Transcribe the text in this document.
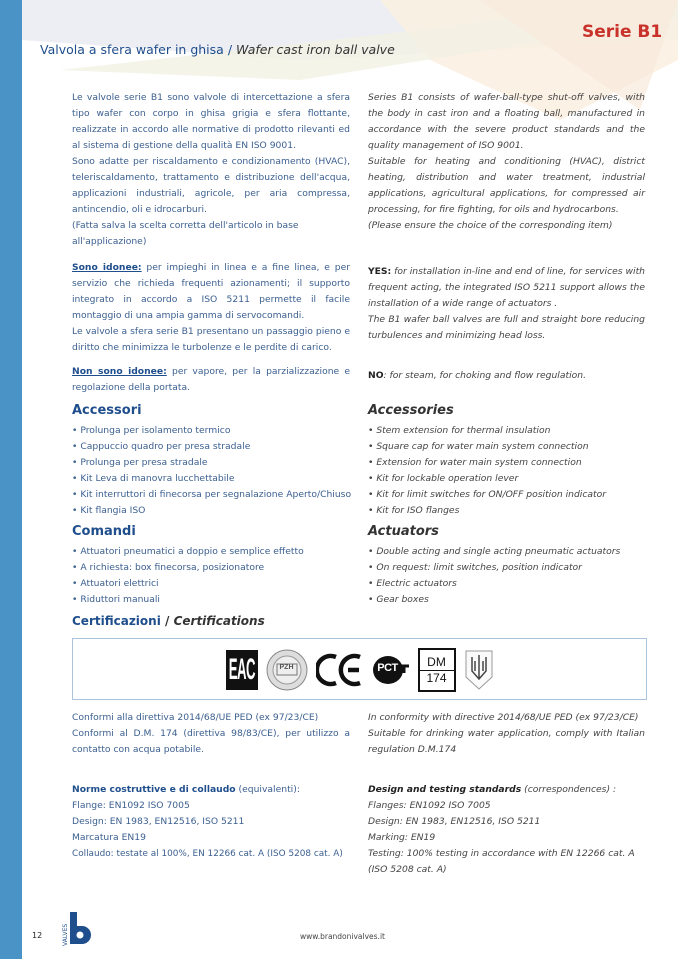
Serie B1
Valvola a sfera wafer in ghisa / Wafer cast iron ball valve
Le valvole serie B1 sono valvole di intercettazione a sfera tipo wafer con corpo in ghisa grigia e sfera flottante, realizzate in accordo alle normative di prodotto rilevanti ed al sistema di gestione della qualità EN ISO 9001.
Sono adatte per riscaldamento e condizionamento (HVAC), teleriscaldamento, trattamento e distribuzione dell'acqua, applicazioni industriali, agricole, per aria compressa, antincendio, oli e idrocarburi.
(Fatta salva la scelta corretta dell'articolo in base all'applicazione)
Series B1 consists of wafer-ball-type shut-off valves, with the body in cast iron and a floating ball, manufactured in accordance with the severe product standards and the quality management of ISO 9001.
Suitable for heating and conditioning (HVAC), district heating, distribution and water treatment, industrial applications, agricultural applications, for compressed air processing, for fire fighting, for oils and hydrocarbons.
(Please ensure the choice of the corresponding item)
Sono idonee: per impieghi in linea e a fine linea, e per servizio che richieda frequenti azionamenti; il supporto integrato in accordo a ISO 5211 permette il facile montaggio di una ampia gamma di servocomandi.
Le valvole a sfera serie B1 presentano un passaggio pieno e diritto che minimizza le turbolenze e le perdite di carico.
Non sono idonee: per vapore, per la parzializzazione e regolazione della portata.
YES: for installation in-line and end of line, for services with frequent acting, the integrated ISO 5211 support allows the installation of a wide range of actuators .
The B1 wafer ball valves are full and straight bore reducing turbulences and minimizing head loss.
NO: for steam, for choking and flow regulation.
Accessori	Accessories
• Prolunga per isolamento termico
• Cappuccio quadro per presa stradale
• Prolunga per presa stradale
• Kit Leva di manovra lucchettabile
• Kit interruttori di finecorsa per segnalazione Aperto/Chiuso
• Kit flangia ISO
• Stem extension for thermal insulation
• Square cap for water main system connection
• Extension for water main system connection
• Kit for lockable operation lever
• Kit for limit switches for ON/OFF position indicator
• Kit for ISO flanges
Comandi	Actuators
• Attuatori pneumatici a doppio e semplice effetto
• A richiesta: box finecorsa, posizionatore
• Attuatori elettrici
• Riduttori manuali
• Double acting and single acting pneumatic actuators
• On request: limit switches, position indicator
• Electric actuators
• Gear boxes
Certificazioni / Certifications
EAC	PZH	PCT	DM
174
Conformi alla direttiva 2014/68/UE PED (ex 97/23/CE)
Conformi al D.M. 174 (direttiva 98/83/CE), per utilizzo a contatto con acqua potabile.
In conformity with directive 2014/68/UE PED (ex 97/23/CE)
Suitable for drinking water application, comply with Italian regulation D.M.174
Norme costruttive e di collaudo (equivalenti):
Flange: EN1092 ISO 7005
Design: EN 1983, EN12516, ISO 5211
Marcatura EN19
Collaudo: testate al 100%, EN 12266 cat. A (ISO 5208 cat. A)
Design and testing standards (correspondences) :
Flanges: EN1092 ISO 7005
Design: EN 1983, EN12516, ISO 5211
Marking: EN19
Testing: 100% testing in accordance with EN 12266 cat. A (ISO 5208 cat. A)
12	VALVES	www.brandonivalves.it
